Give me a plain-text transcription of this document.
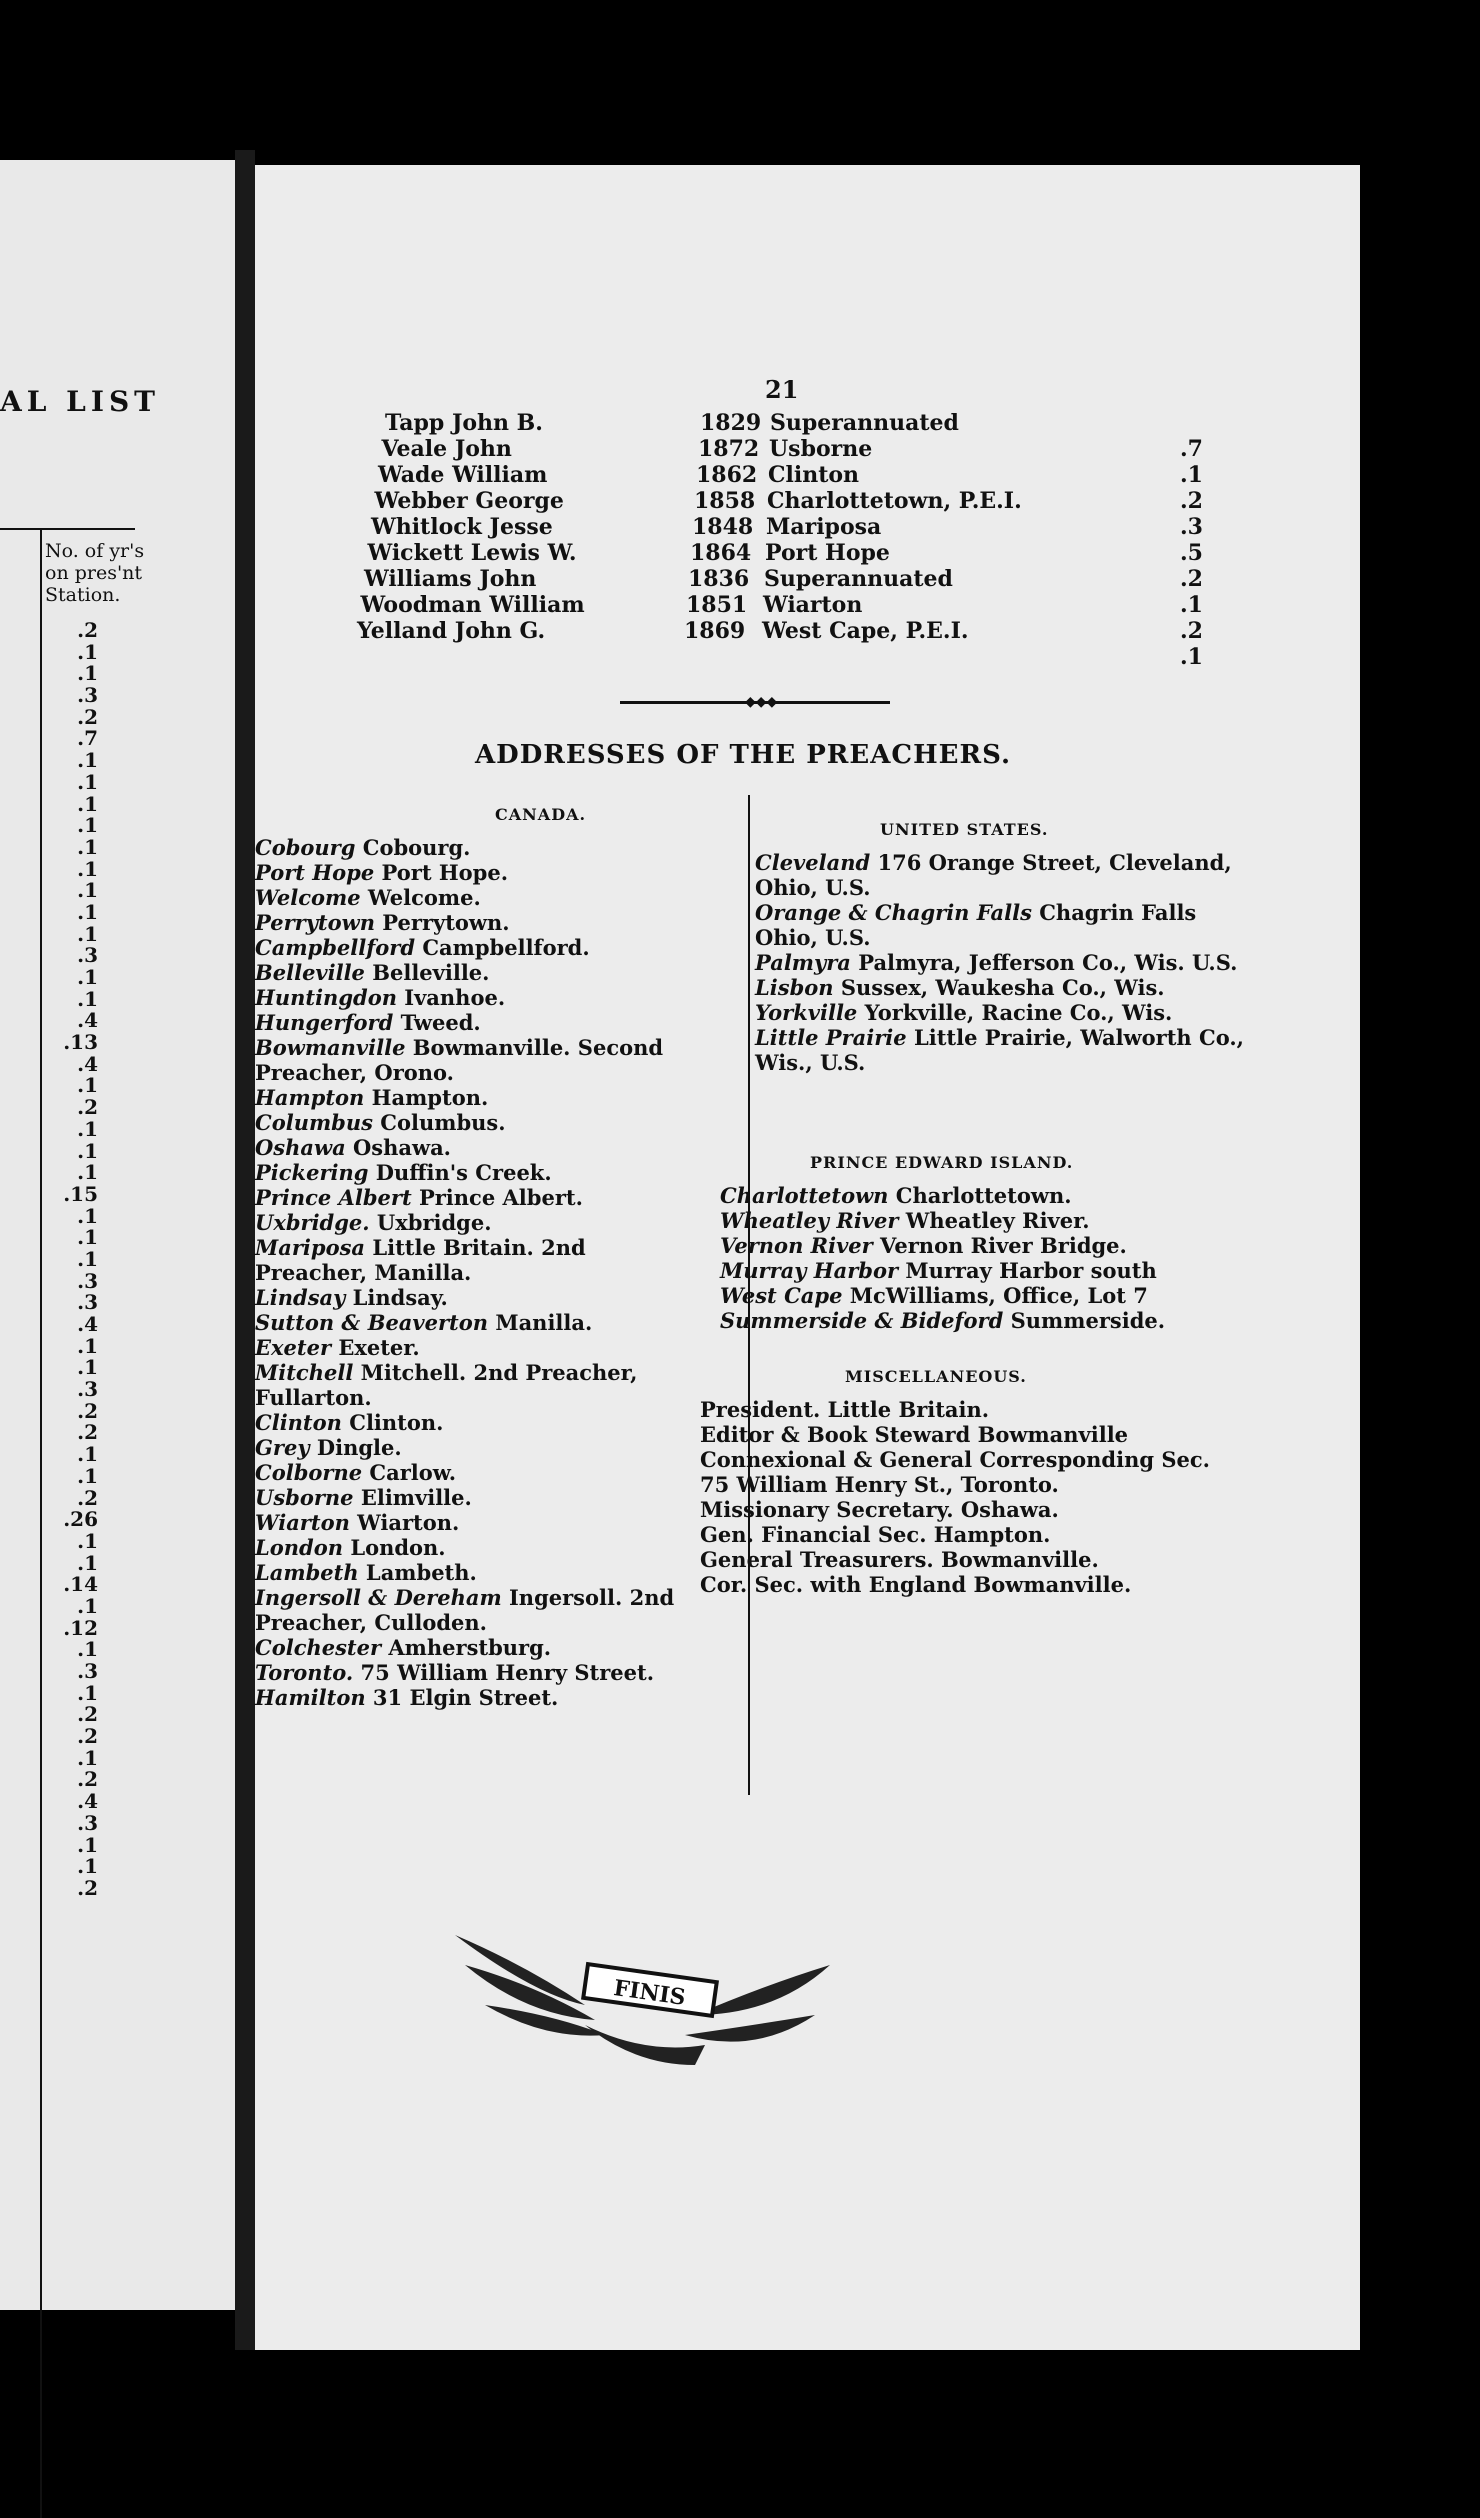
AL LIST
No. of yr's on pres'nt Station.
.2
.1
.1
.3
.2
.7
.1
.1
.1
.1
.1
.1
.1
.1
.1
.3
.1
.1
.4
.13
.4
.1
.2
.1
.1
.1
.15
.1
.1
.1
.3
.3
.4
.1
.1
.3
.2
.2
.1
.1
.2
.26
.1
.1
.14
.1
.12
.1
.3
.1
.2
.2
.1
.2
.4
.3
.1
.1
.2
21
Tapp John B.	1829 Superannuated
Veale John	1872 Usborne	.7
Wade William	1862 Clinton	.1
Webber George	1858 Charlottetown, P.E.I.	.2
Whitlock Jesse	1848 Mariposa	.3
Wickett Lewis W.	1864 Port Hope	.5
Williams John	1836 Superannuated	.2
Woodman William	1851 Wiarton	.1
Yelland John G.	1869 West Cape, P.E.I.	.2
.1
◆◆◆
ADDRESSES OF THE PREACHERS.
CANADA.
Cobourg Cobourg.
Port Hope Port Hope.
Welcome Welcome.
Perrytown Perrytown.
Campbellford Campbellford.
Belleville Belleville.
Huntingdon Ivanhoe.
Hungerford Tweed.
Bowmanville Bowmanville. Second Preacher, Orono.
Hampton Hampton.
Columbus Columbus.
Oshawa Oshawa.
Pickering Duffin's Creek.
Prince Albert Prince Albert.
Uxbridge. Uxbridge.
Mariposa Little Britain. 2nd Preacher, Manilla.
Lindsay Lindsay.
Sutton & Beaverton Manilla.
Exeter Exeter.
Mitchell Mitchell. 2nd Preacher, Fullarton.
Clinton Clinton.
Grey Dingle.
Colborne Carlow.
Usborne Elimville.
Wiarton Wiarton.
London London.
Lambeth Lambeth.
Ingersoll & Dereham Ingersoll. 2nd Preacher, Culloden.
Colchester Amherstburg.
Toronto. 75 William Henry Street.
Hamilton 31 Elgin Street.
UNITED STATES.
Cleveland 176 Orange Street, Cleveland, Ohio, U.S.
Orange & Chagrin Falls Chagrin Falls Ohio, U.S.
Palmyra Palmyra, Jefferson Co., Wis. U.S.
Lisbon Sussex, Waukesha Co., Wis.
Yorkville Yorkville, Racine Co., Wis.
Little Prairie Little Prairie, Walworth Co., Wis., U.S.
PRINCE EDWARD ISLAND.
Charlottetown Charlottetown.
Wheatley River Wheatley River.
Vernon River Vernon River Bridge.
Murray Harbor Murray Harbor south
West Cape McWilliams, Office, Lot 7
Summerside & Bideford Summerside.
MISCELLANEOUS.
President. Little Britain.
Editor & Book Steward Bowmanville
Connexional & General Corresponding Sec. 75 William Henry St., Toronto.
Missionary Secretary. Oshawa.
Gen. Financial Sec. Hampton.
General Treasurers. Bowmanville.
Cor. Sec. with England Bowmanville.
FINIS
